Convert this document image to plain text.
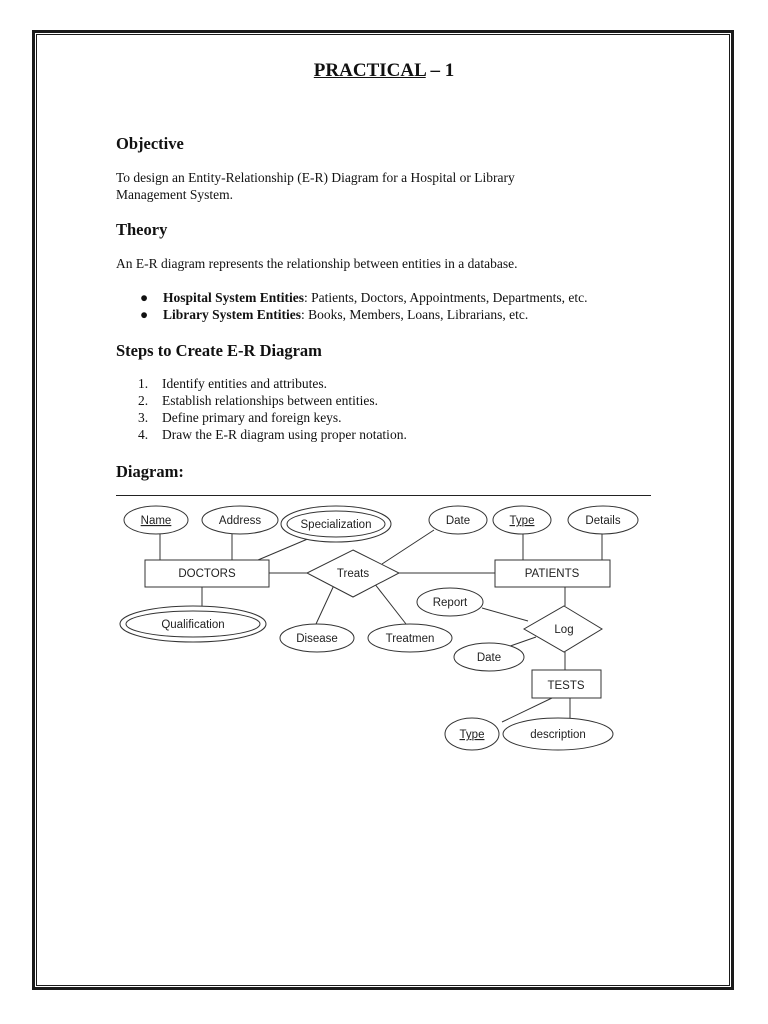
PRACTICAL – 1
Objective

To design an Entity-Relationship (E-R) Diagram for a Hospital or Library
Management System.

Theory

An E-R diagram represents the relationship between entities in a database.

● Hospital System Entities: Patients, Doctors, Appointments, Departments, etc.
● Library System Entities: Books, Members, Loans, Librarians, etc.
Steps to Create E-R Diagram
1. Identify entities and attributes.
2. Establish relationships between entities.
3. Define primary and foreign keys.
4. Draw the E-R diagram using proper notation.
Diagram:
Name	Address	Specialization	Date	Type	Details
DOCTORS	Treats	PATIENTS
Qualification
Disease	Treatmen
Report
Log
Date
TESTS
Type	description
